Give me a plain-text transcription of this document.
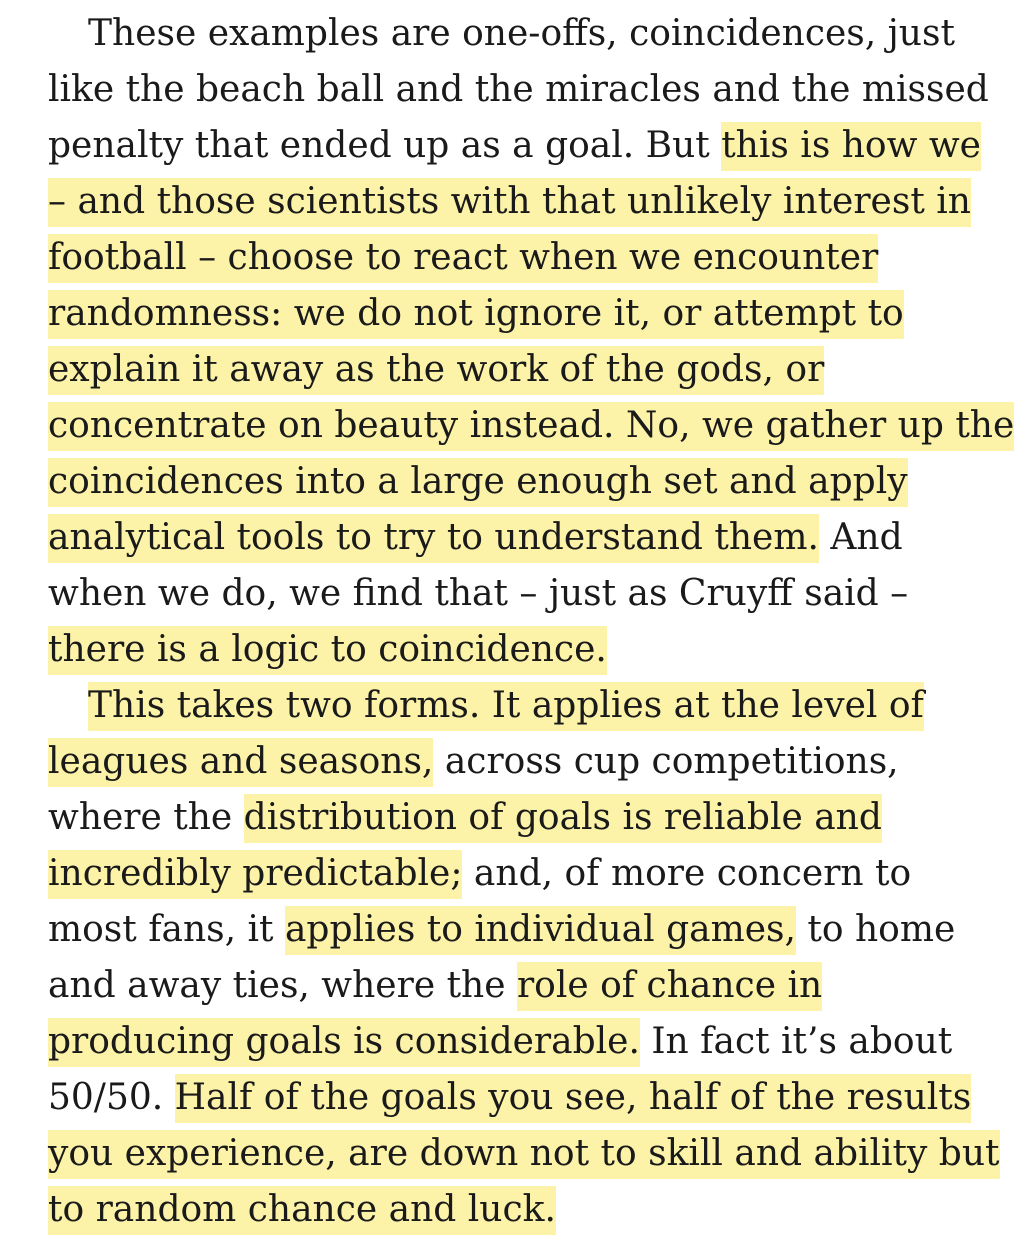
These examples are one-offs, coincidences, just
like the beach ball and the miracles and the missed
penalty that ended up as a goal. But this is how we
– and those scientists with that unlikely interest in
football – choose to react when we encounter
randomness: we do not ignore it, or attempt to
explain it away as the work of the gods, or
concentrate on beauty instead. No, we gather up the
coincidences into a large enough set and apply
analytical tools to try to understand them. And
when we do, we find that – just as Cruyff said –
there is a logic to coincidence.
This takes two forms. It applies at the level of
leagues and seasons, across cup competitions,
where the distribution of goals is reliable and
incredibly predictable; and, of more concern to
most fans, it applies to individual games, to home
and away ties, where the role of chance in
producing goals is considerable. In fact it’s about
50/50. Half of the goals you see, half of the results
you experience, are down not to skill and ability but
to random chance and luck.
